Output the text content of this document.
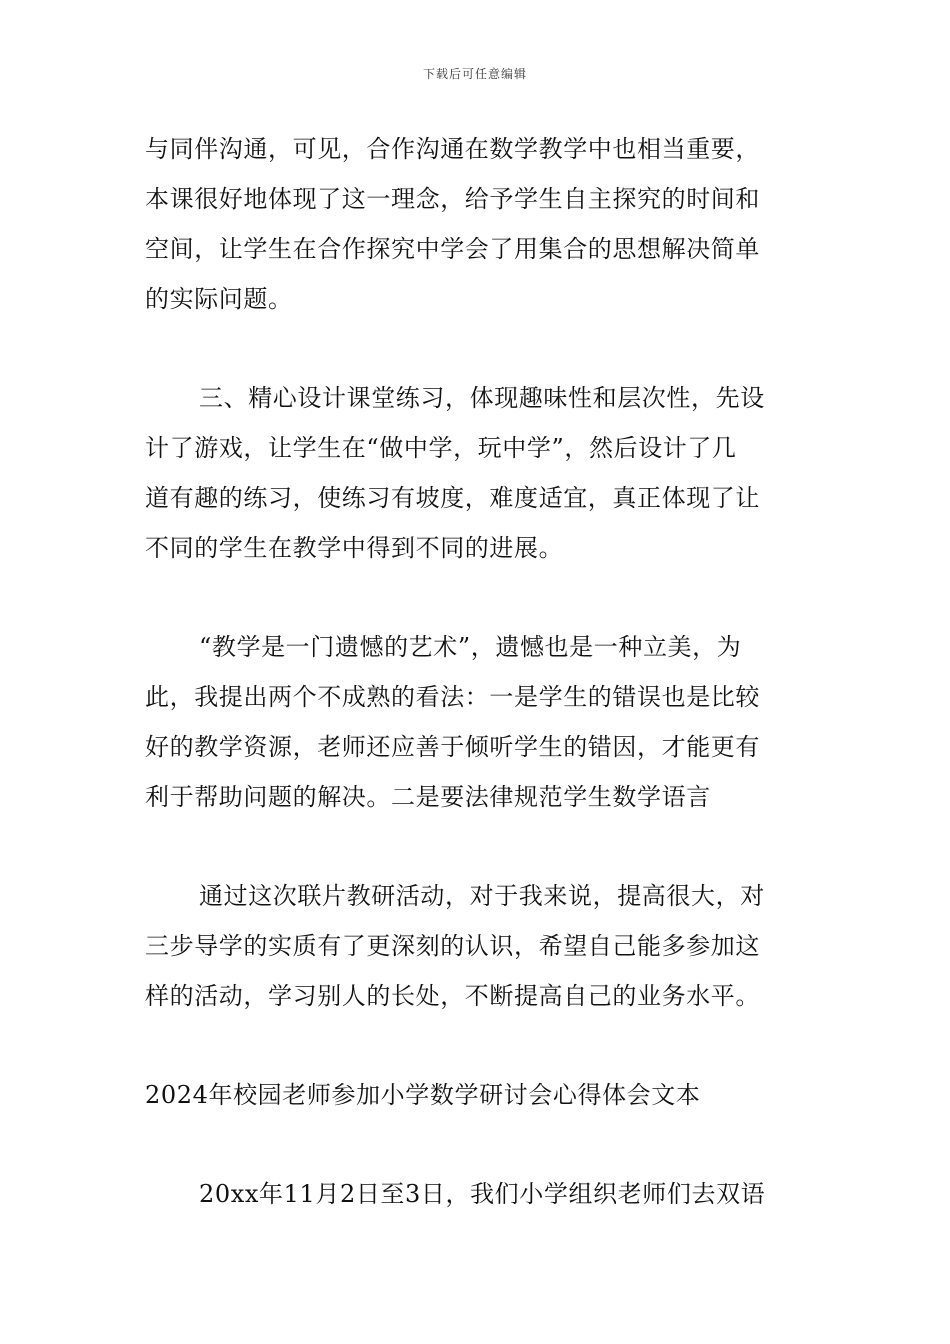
下载后可任意编辑
与同伴沟通，可见，合作沟通在数学教学中也相当重要，
本课很好地体现了这一理念，给予学生自主探究的时间和
空间，让学生在合作探究中学会了用集合的思想解决简单
的实际问题。
三、精心设计课堂练习，体现趣味性和层次性，先设
计了游戏，让学生在“做中学，玩中学”，然后设计了几
道有趣的练习，使练习有坡度，难度适宜，真正体现了让
不同的学生在教学中得到不同的进展。
“教学是一门遗憾的艺术”，遗憾也是一种立美，为
此，我提出两个不成熟的看法：一是学生的错误也是比较
好的教学资源，老师还应善于倾听学生的错因，才能更有
利于帮助问题的解决。二是要法律规范学生数学语言
通过这次联片教研活动，对于我来说，提高很大，对
三步导学的实质有了更深刻的认识，希望自己能多参加这
样的活动，学习别人的长处，不断提高自己的业务水平。
2024年校园老师参加小学数学研讨会心得体会文本
20xx年11月2日至3日，我们小学组织老师们去双语
